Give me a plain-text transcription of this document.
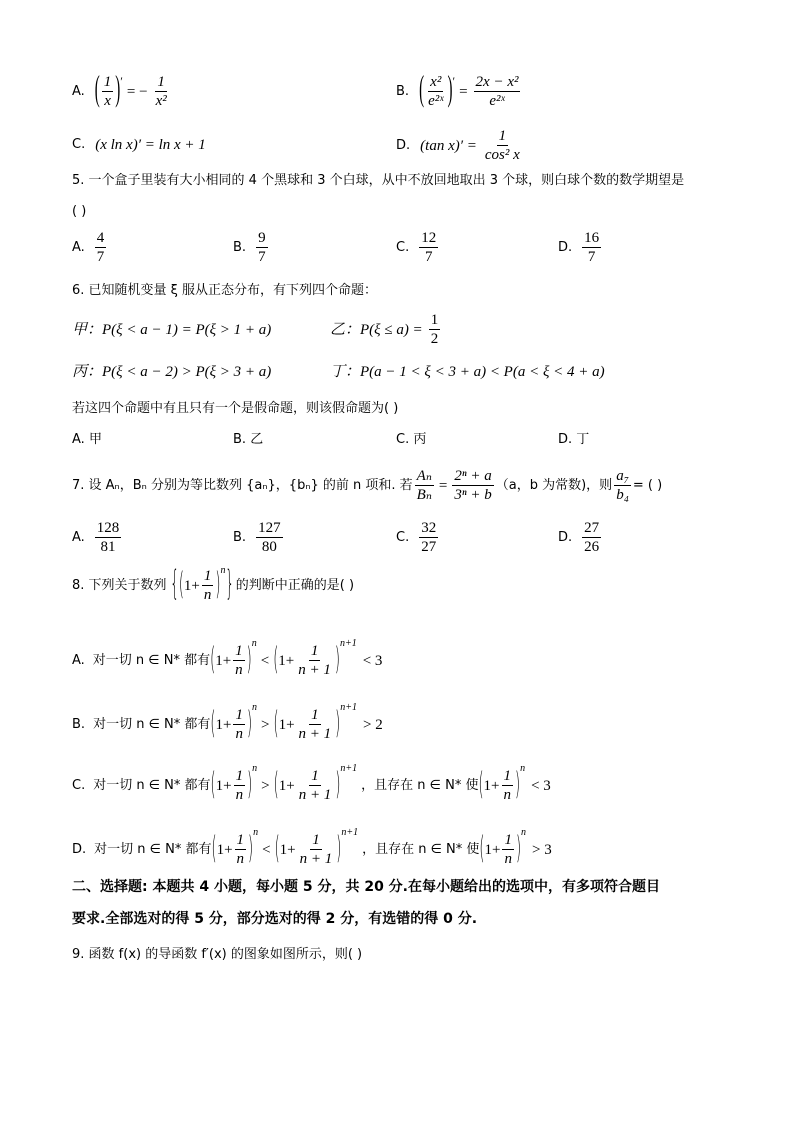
A. ( $\frac{1}{x}$ ) ′
= − $\frac{1}{\text{x²}}$	B. ( $\frac{\text{x²}}{\text{e²ˣ}}$ ) ′
= $\frac{\text{2x − x²}}{\text{e²ˣ}}$
C. (x ln x)′ = ln x + 1	D. (tan $x)' = \frac{1}{\text{cos² x}}$
5. 一个盒子里装有大小相同的 4 个黑球和 3 个白球，从中不放回地取出 3 个球，则白球个数的数学期望是
( )
A. $\frac{4}{7}$	B. $\frac{9}{7}$	C. $\frac{12}{7}$	D. $\frac{16}{7}$
6. 已知随机变量 ξ 服从正态分布，有下列四个命题：
甲：P(ξ < a − 1) = P(ξ > 1 + a)	乙：$P(\xi \le a) = \frac{1}{2}$
丙：P(ξ < a − 2) > P(ξ > 3 + a)	丁：P(a − 1 < ξ < 3 + a) < P(a < ξ < 4 + a)
若这四个命题中有且只有一个是假命题，则该假命题为( )
A. 甲	B. 乙	C. 丙	D. 丁
7. 设 Aₙ，Bₙ 分别为等比数列 {aₙ}，{bₙ} 的前 n 项和. 若 $\frac{\text{Aₙ}}{\text{Bₙ}} = \frac{\text{2ⁿ + a}}{\text{3ⁿ + b}} (a$，b 为常数)，则 $\frac{\text{a₇}}{\text{b₄}}$ = ( )
A. $\frac{128}{81}$	B. $\frac{127}{80}$	C. $\frac{32}{27}$	D. $\frac{27}{26}$
8. 下列关于数列 { ( $1+ \frac{1}{n}$ ) n } 的判断中正确的是( )
A. 对一切 n ∈ N* 都有 ( $1+ \frac{1}{n}$ ) n
< ( $1+ \frac{1}{n + 1}$ ) n+1
< 3
B. 对一切 n ∈ N* 都有 ( $1+ \frac{1}{n}$ ) n
> ( $1+ \frac{1}{n + 1}$ ) n+1
> 2
C. 对一切 n ∈ N* 都有 ( $1+ \frac{1}{n}$ ) n
> ( $1+ \frac{1}{n + 1}$ ) n+1
，且存在 n ∈ N* 使 ( $1+ \frac{1}{n}$ ) n
< 3
D. 对一切 n ∈ N* 都有 ( $1+ \frac{1}{n}$ ) n
< ( $1+ \frac{1}{n + 1}$ ) n+1
，且存在 n ∈ N* 使 ( $1+ \frac{1}{n}$ ) n
> 3
二、选择题: 本题共 4 小题，每小题 5 分，共 20 分.在每小题给出的选项中，有多项符合题目
要求.全部选对的得 5 分，部分选对的得 2 分，有选错的得 0 分.
9. 函数 f(x) 的导函数 f′(x) 的图象如图所示，则( )
